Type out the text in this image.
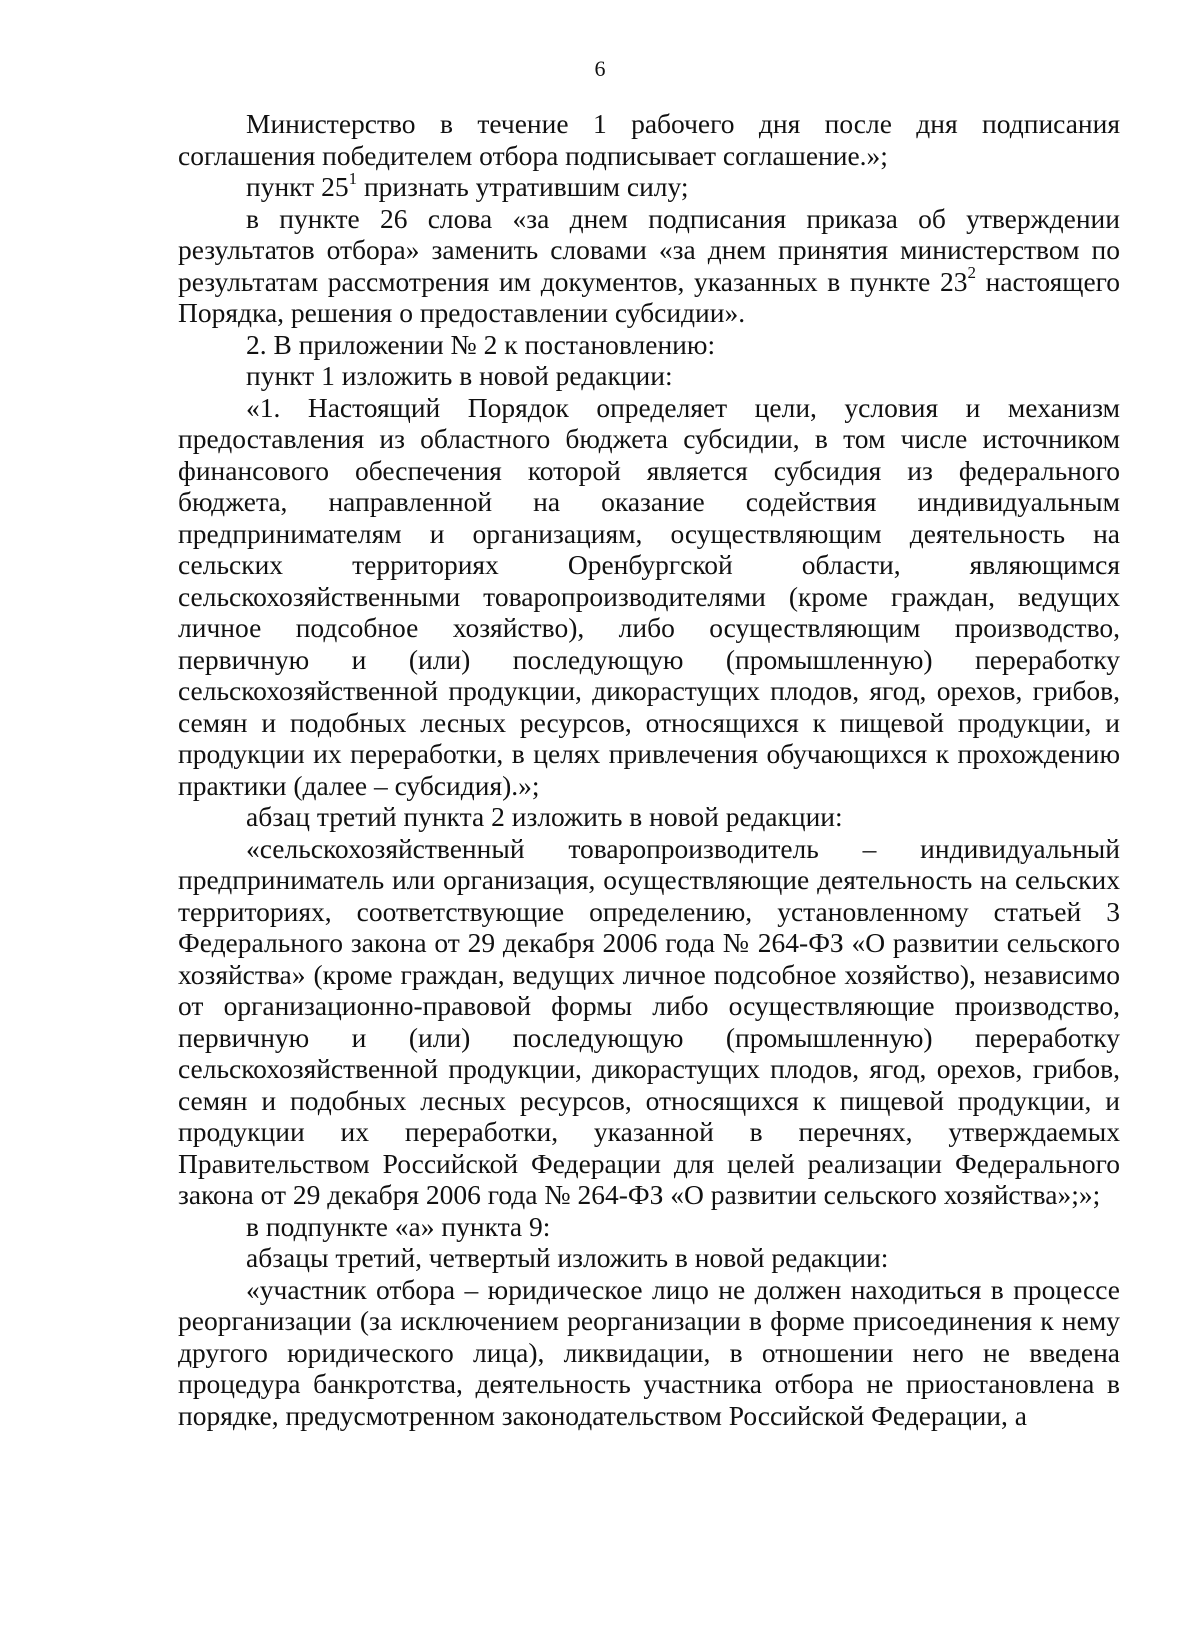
6

Министерство в течение 1 рабочего дня после дня подписания соглашения победителем отбора подписывает соглашение.»;

пункт $25^1$ признать утратившим силу;

в пункте 26 слова «за днем подписания приказа об утверждении результатов отбора» заменить словами «за днем принятия министерством по результатам рассмотрения им документов, указанных в пункте $23^2$ настоящего Порядка, решения о предоставлении субсидии».

2. В приложении № 2 к постановлению:

пункт 1 изложить в новой редакции:

«1. Настоящий Порядок определяет цели, условия и механизм предоставления из областного бюджета субсидии, в том числе источником финансового обеспечения которой является субсидия из федерального бюджета, направленной на оказание содействия индивидуальным предпринимателям и организациям, осуществляющим деятельность на сельских территориях Оренбургской области, являющимся сельскохозяйственными товаропроизводителями (кроме граждан, ведущих личное подсобное хозяйство), либо осуществляющим производство, первичную и (или) последующую (промышленную) переработку сельскохозяйственной продукции, дикорастущих плодов, ягод, орехов, грибов, семян и подобных лесных ресурсов, относящихся к пищевой продукции, и продукции их переработки, в целях привлечения обучающихся к прохождению практики (далее – субсидия).»;

абзац третий пункта 2 изложить в новой редакции:

«сельскохозяйственный товаропроизводитель – индивидуальный предприниматель или организация, осуществляющие деятельность на сельских территориях, соответствующие определению, установленному статьей 3 Федерального закона от 29 декабря 2006 года № 264-ФЗ «О развитии сельского хозяйства» (кроме граждан, ведущих личное подсобное хозяйство), независимо от организационно-правовой формы либо осуществляющие производство, первичную и (или) последующую (промышленную) переработку сельскохозяйственной продукции, дикорастущих плодов, ягод, орехов, грибов, семян и подобных лесных ресурсов, относящихся к пищевой продукции, и продукции их переработки, указанной в перечнях, утверждаемых Правительством Российской Федерации для целей реализации Федерального закона от 29 декабря 2006 года № 264-ФЗ «О развитии сельского хозяйства»;»;

в подпункте «а» пункта 9:

абзацы третий, четвертый изложить в новой редакции:

«участник отбора – юридическое лицо не должен находиться в процессе реорганизации (за исключением реорганизации в форме присоединения к нему другого юридического лица), ликвидации, в отношении него не введена процедура банкротства, деятельность участника отбора не приостановлена в порядке, предусмотренном законодательством Российской Федерации, а
